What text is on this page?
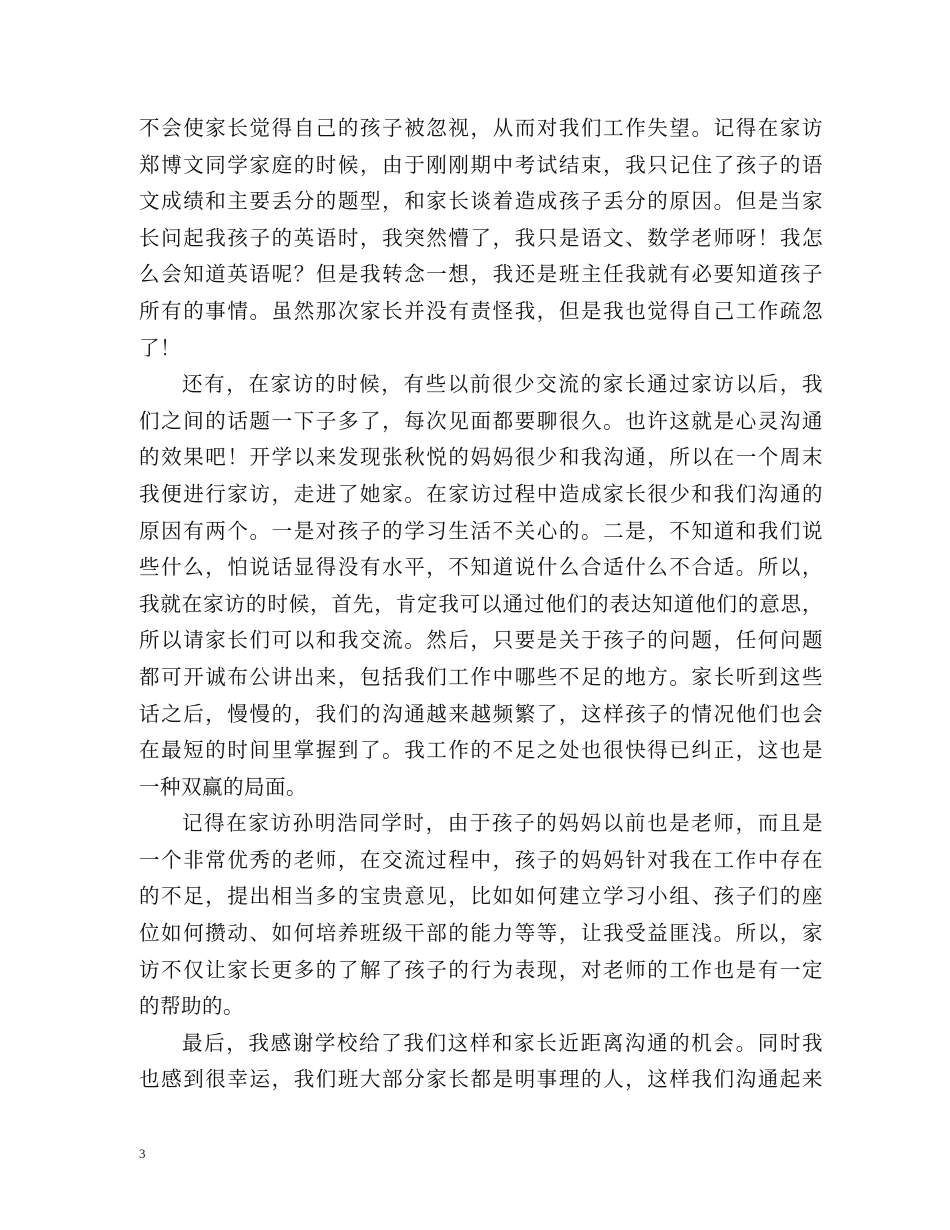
不会使家长觉得自己的孩子被忽视，从而对我们工作失望。记得在家访
郑博文同学家庭的时候，由于刚刚期中考试结束，我只记住了孩子的语
文成绩和主要丢分的题型，和家长谈着造成孩子丢分的原因。但是当家
长问起我孩子的英语时，我突然懵了，我只是语文、数学老师呀！我怎
么会知道英语呢？但是我转念一想，我还是班主任我就有必要知道孩子
所有的事情。虽然那次家长并没有责怪我，但是我也觉得自己工作疏忽
了！
还有，在家访的时候，有些以前很少交流的家长通过家访以后，我
们之间的话题一下子多了，每次见面都要聊很久。也许这就是心灵沟通
的效果吧！开学以来发现张秋悦的妈妈很少和我沟通，所以在一个周末
我便进行家访，走进了她家。在家访过程中造成家长很少和我们沟通的
原因有两个。一是对孩子的学习生活不关心的。二是，不知道和我们说
些什么，怕说话显得没有水平，不知道说什么合适什么不合适。所以，
我就在家访的时候，首先，肯定我可以通过他们的表达知道他们的意思，
所以请家长们可以和我交流。然后，只要是关于孩子的问题，任何问题
都可开诚布公讲出来，包括我们工作中哪些不足的地方。家长听到这些
话之后，慢慢的，我们的沟通越来越频繁了，这样孩子的情况他们也会
在最短的时间里掌握到了。我工作的不足之处也很快得已纠正，这也是
一种双赢的局面。
记得在家访孙明浩同学时，由于孩子的妈妈以前也是老师，而且是
一个非常优秀的老师，在交流过程中，孩子的妈妈针对我在工作中存在
的不足，提出相当多的宝贵意见，比如如何建立学习小组、孩子们的座
位如何攒动、如何培养班级干部的能力等等，让我受益匪浅。所以，家
访不仅让家长更多的了解了孩子的行为表现，对老师的工作也是有一定
的帮助的。
最后，我感谢学校给了我们这样和家长近距离沟通的机会。同时我
也感到很幸运，我们班大部分家长都是明事理的人，这样我们沟通起来
3
